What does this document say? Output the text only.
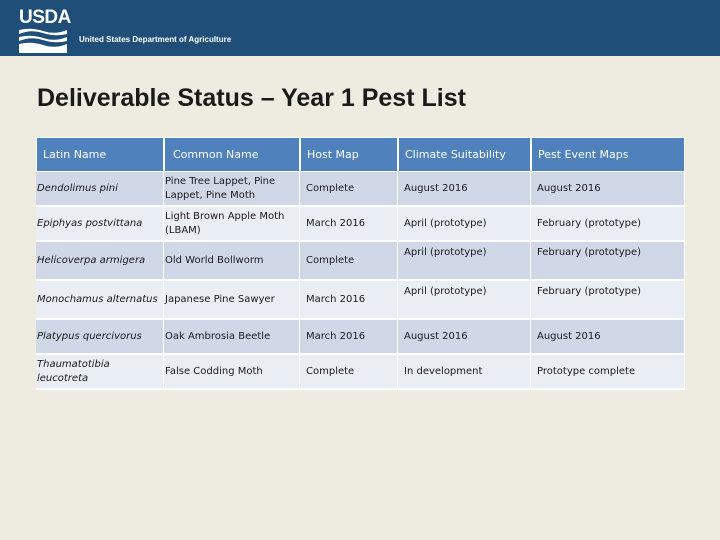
USDA
United States Department of Agriculture
Deliverable Status – Year 1 Pest List
Latin Name	Common Name	Host Map	Climate Suitability	Pest Event Maps
Dendolimus pini	Pine Tree Lappet, Pine Lappet, Pine Moth	Complete	August 2016	August 2016
Epiphyas postvittana	Light Brown Apple Moth (LBAM)	March 2016	April (prototype)	February (prototype)
Helicoverpa armigera	Old World Bollworm	Complete	April (prototype)	February (prototype)
Monochamus alternatus	Japanese Pine Sawyer	March 2016	April (prototype)	February (prototype)
Platypus quercivorus	Oak Ambrosia Beetle	March 2016	August 2016	August 2016
Thaumatotibia leucotreta	False Codding Moth	Complete	In development	Prototype complete
